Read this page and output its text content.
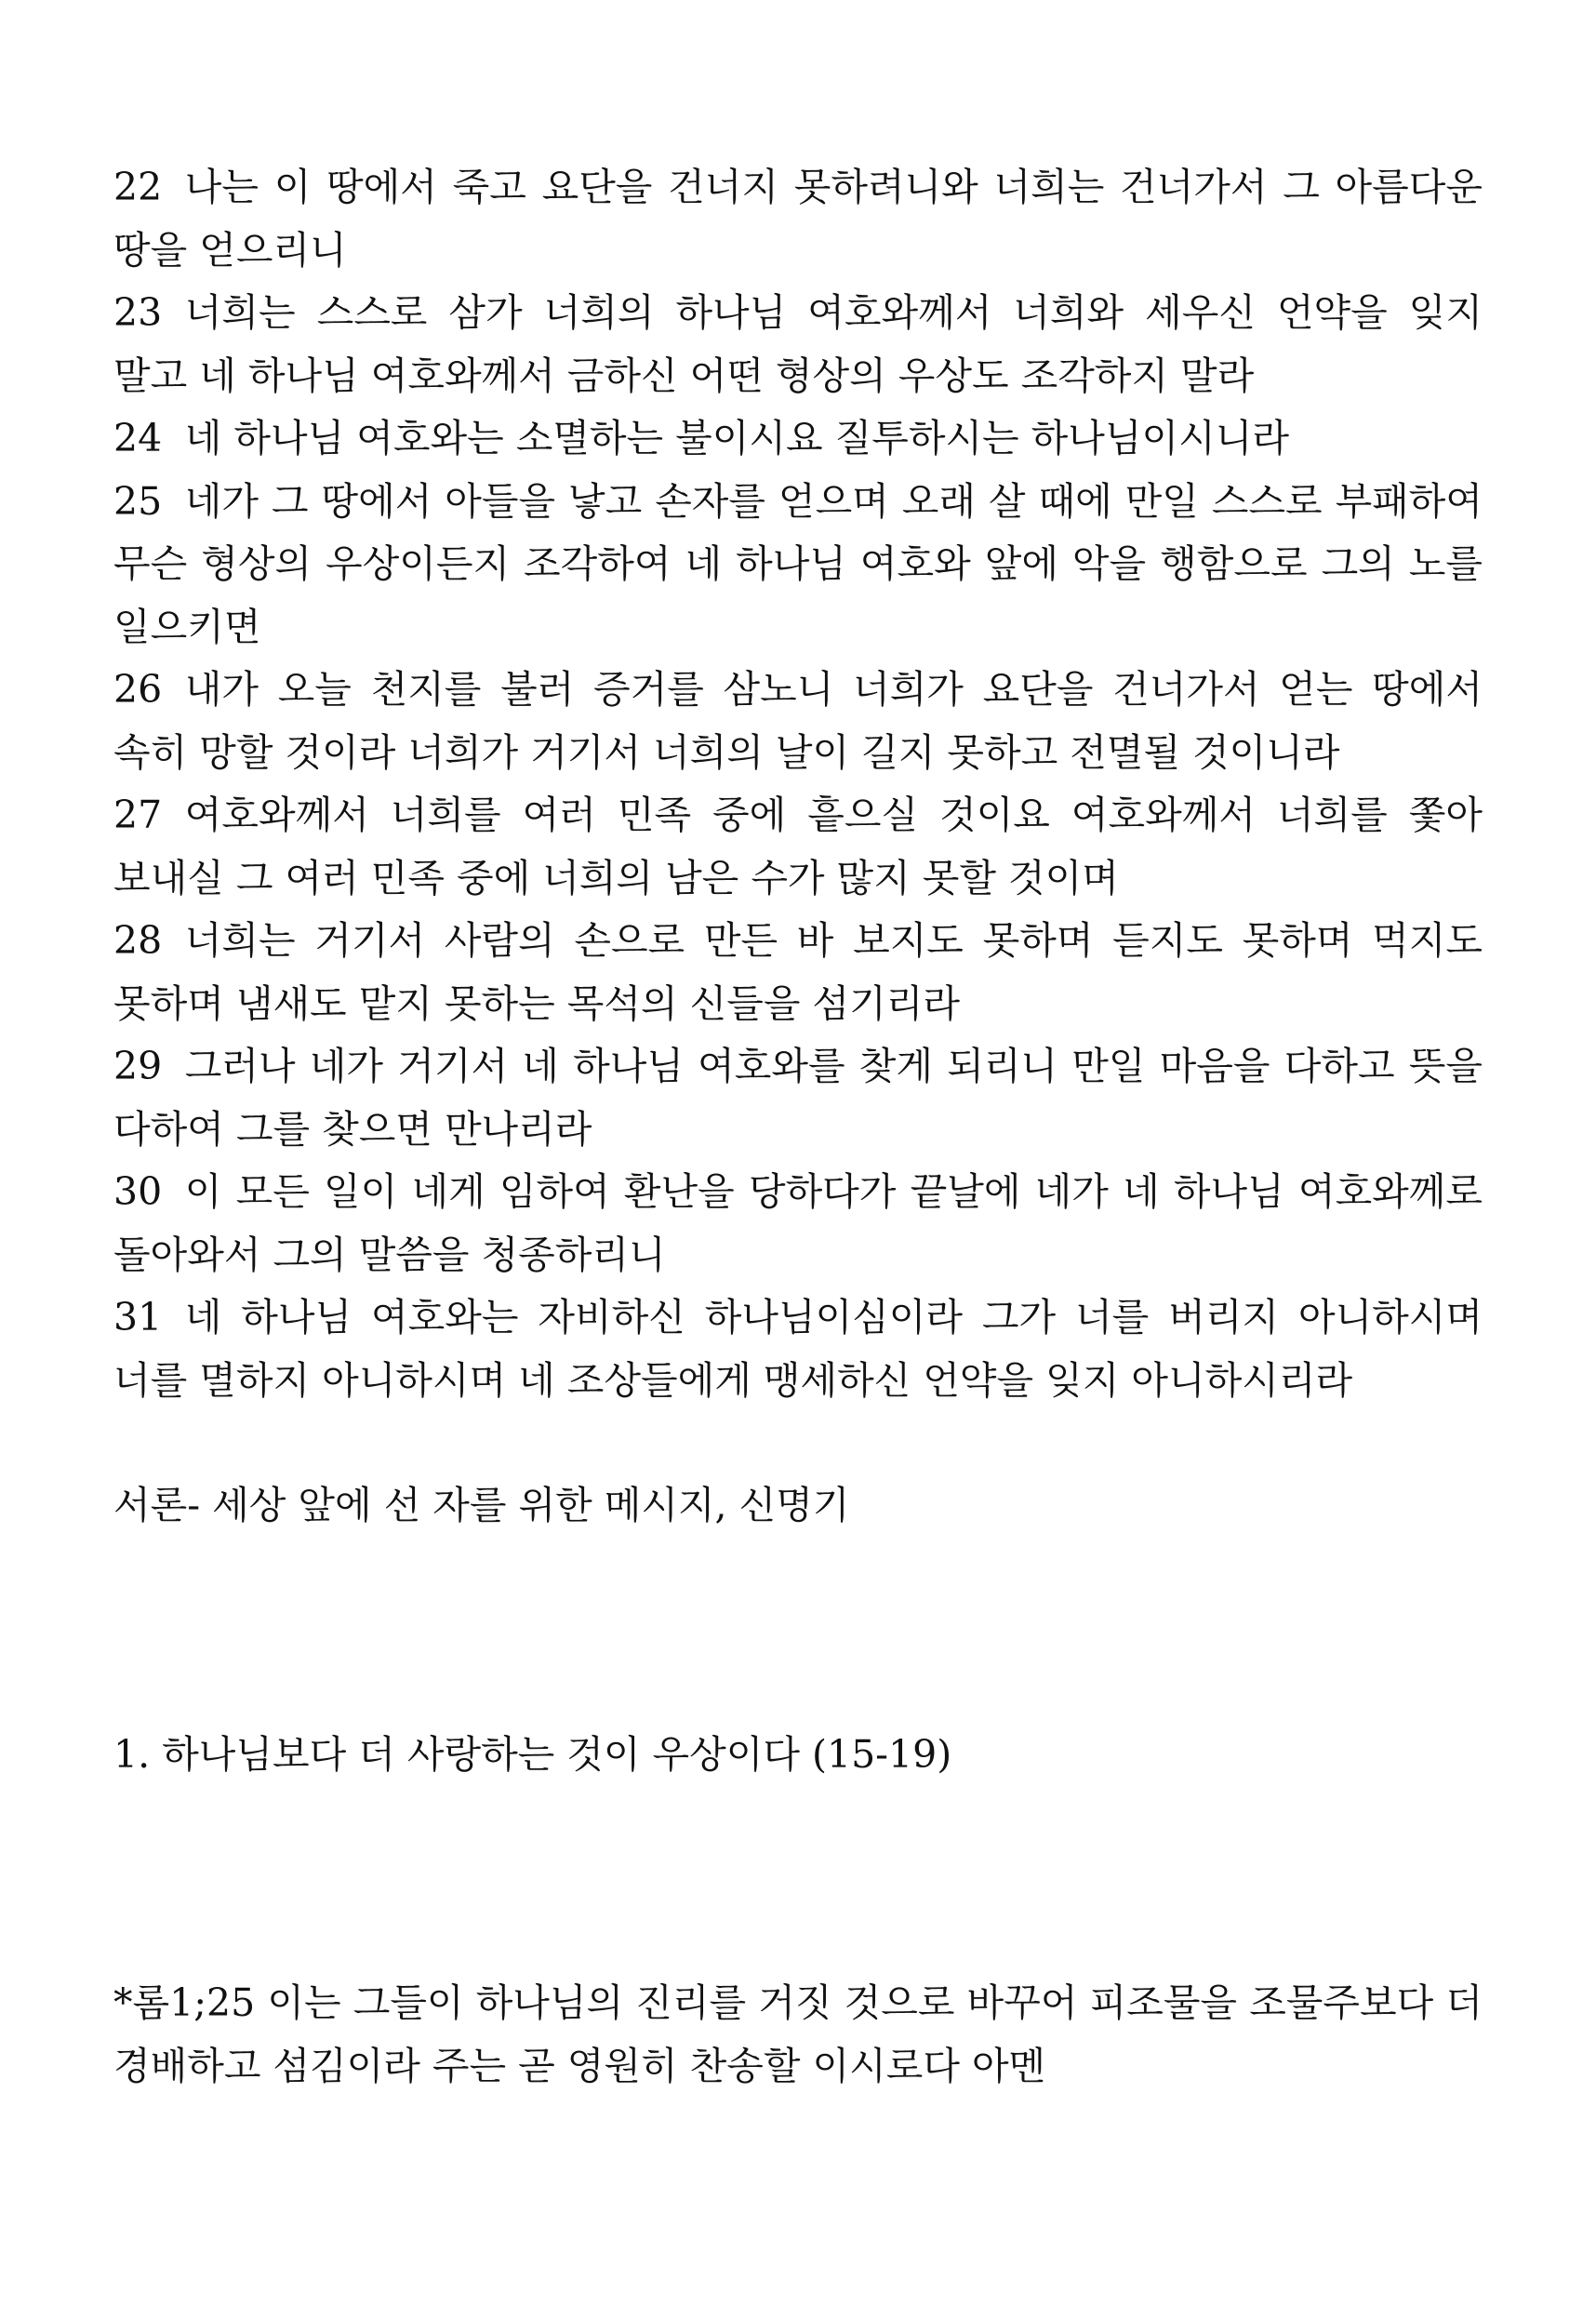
22 나는 이 땅에서 죽고 요단을 건너지 못하려니와 너희는 건너가서 그 아름다운 땅을 얻으리니

23 너희는 스스로 삼가 너희의 하나님 여호와께서 너희와 세우신 언약을 잊지 말고 네 하나님 여호와께서 금하신 어떤 형상의 우상도 조각하지 말라

24 네 하나님 여호와는 소멸하는 불이시요 질투하시는 하나님이시니라

25 네가 그 땅에서 아들을 낳고 손자를 얻으며 오래 살 때에 만일 스스로 부패하여 무슨 형상의 우상이든지 조각하여 네 하나님 여호와 앞에 악을 행함으로 그의 노를 일으키면

26 내가 오늘 천지를 불러 증거를 삼노니 너희가 요단을 건너가서 얻는 땅에서 속히 망할 것이라 너희가 거기서 너희의 날이 길지 못하고 전멸될 것이니라

27 여호와께서 너희를 여러 민족 중에 흩으실 것이요 여호와께서 너희를 쫓아 보내실 그 여러 민족 중에 너희의 남은 수가 많지 못할 것이며

28 너희는 거기서 사람의 손으로 만든 바 보지도 못하며 듣지도 못하며 먹지도 못하며 냄새도 맡지 못하는 목석의 신들을 섬기리라

29 그러나 네가 거기서 네 하나님 여호와를 찾게 되리니 만일 마음을 다하고 뜻을 다하여 그를 찾으면 만나리라

30 이 모든 일이 네게 임하여 환난을 당하다가 끝날에 네가 네 하나님 여호와께로 돌아와서 그의 말씀을 청종하리니

31 네 하나님 여호와는 자비하신 하나님이심이라 그가 너를 버리지 아니하시며 너를 멸하지 아니하시며 네 조상들에게 맹세하신 언약을 잊지 아니하시리라

서론- 세상 앞에 선 자를 위한 메시지, 신명기

1. 하나님보다 더 사랑하는 것이 우상이다 (15-19)

*롬1;25 이는 그들이 하나님의 진리를 거짓 것으로 바꾸어 피조물을 조물주보다 더 경배하고 섬김이라 주는 곧 영원히 찬송할 이시로다 아멘
